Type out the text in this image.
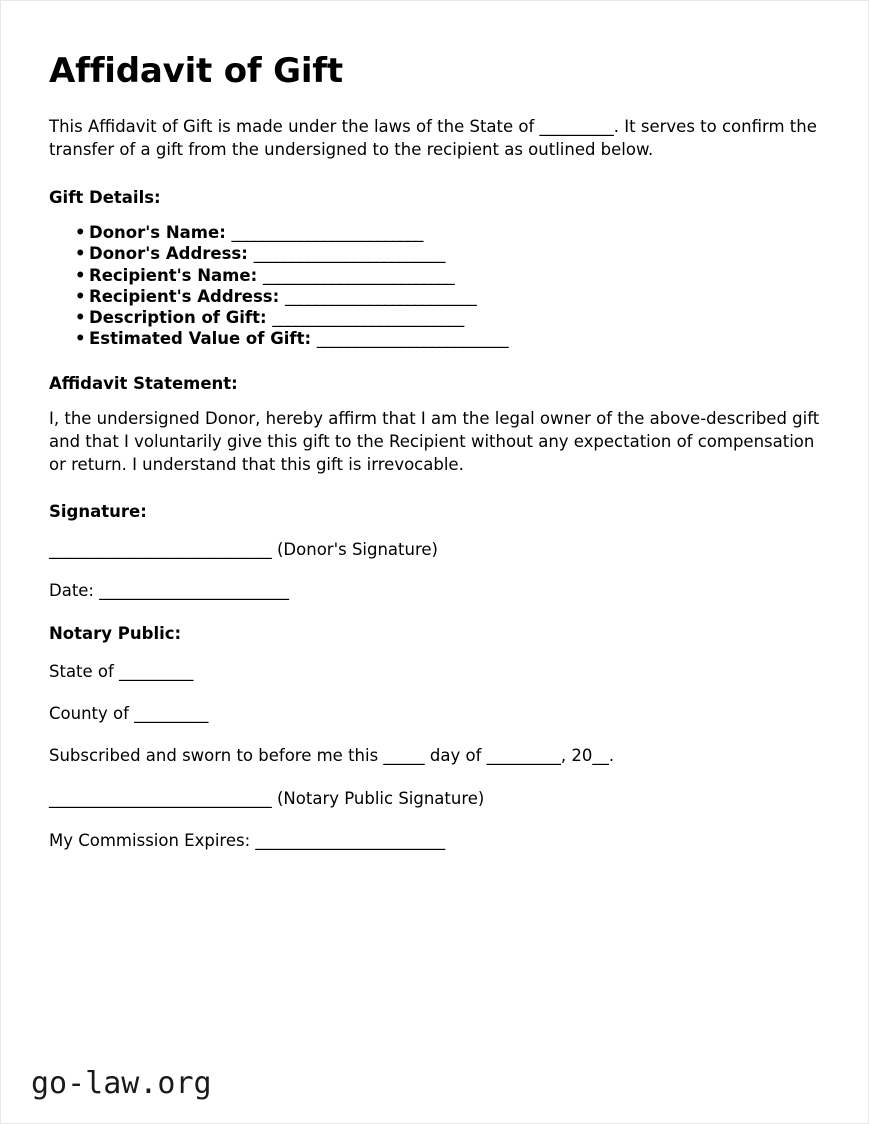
Affidavit of Gift

This Affidavit of Gift is made under the laws of the State of _________. It serves to confirm the transfer of a gift from the undersigned to the recipient as outlined below.

Gift Details:
• Donor's Name: _________________________
• Donor's Address: _________________________
• Recipient's Name: _________________________
• Recipient's Address: _________________________
• Description of Gift: _________________________
• Estimated Value of Gift: _________________________
Affidavit Statement:

I, the undersigned Donor, hereby affirm that I am the legal owner of the above-described gift and that I voluntarily give this gift to the Recipient without any expectation of compensation or return. I understand that this gift is irrevocable.

Signature:

___________________________ (Donor's Signature)

Date: _______________________

Notary Public:

State of _________

County of _________

Subscribed and sworn to before me this _____ day of _________, 20__.

___________________________ (Notary Public Signature)

My Commission Expires: _______________________

go-law.org
